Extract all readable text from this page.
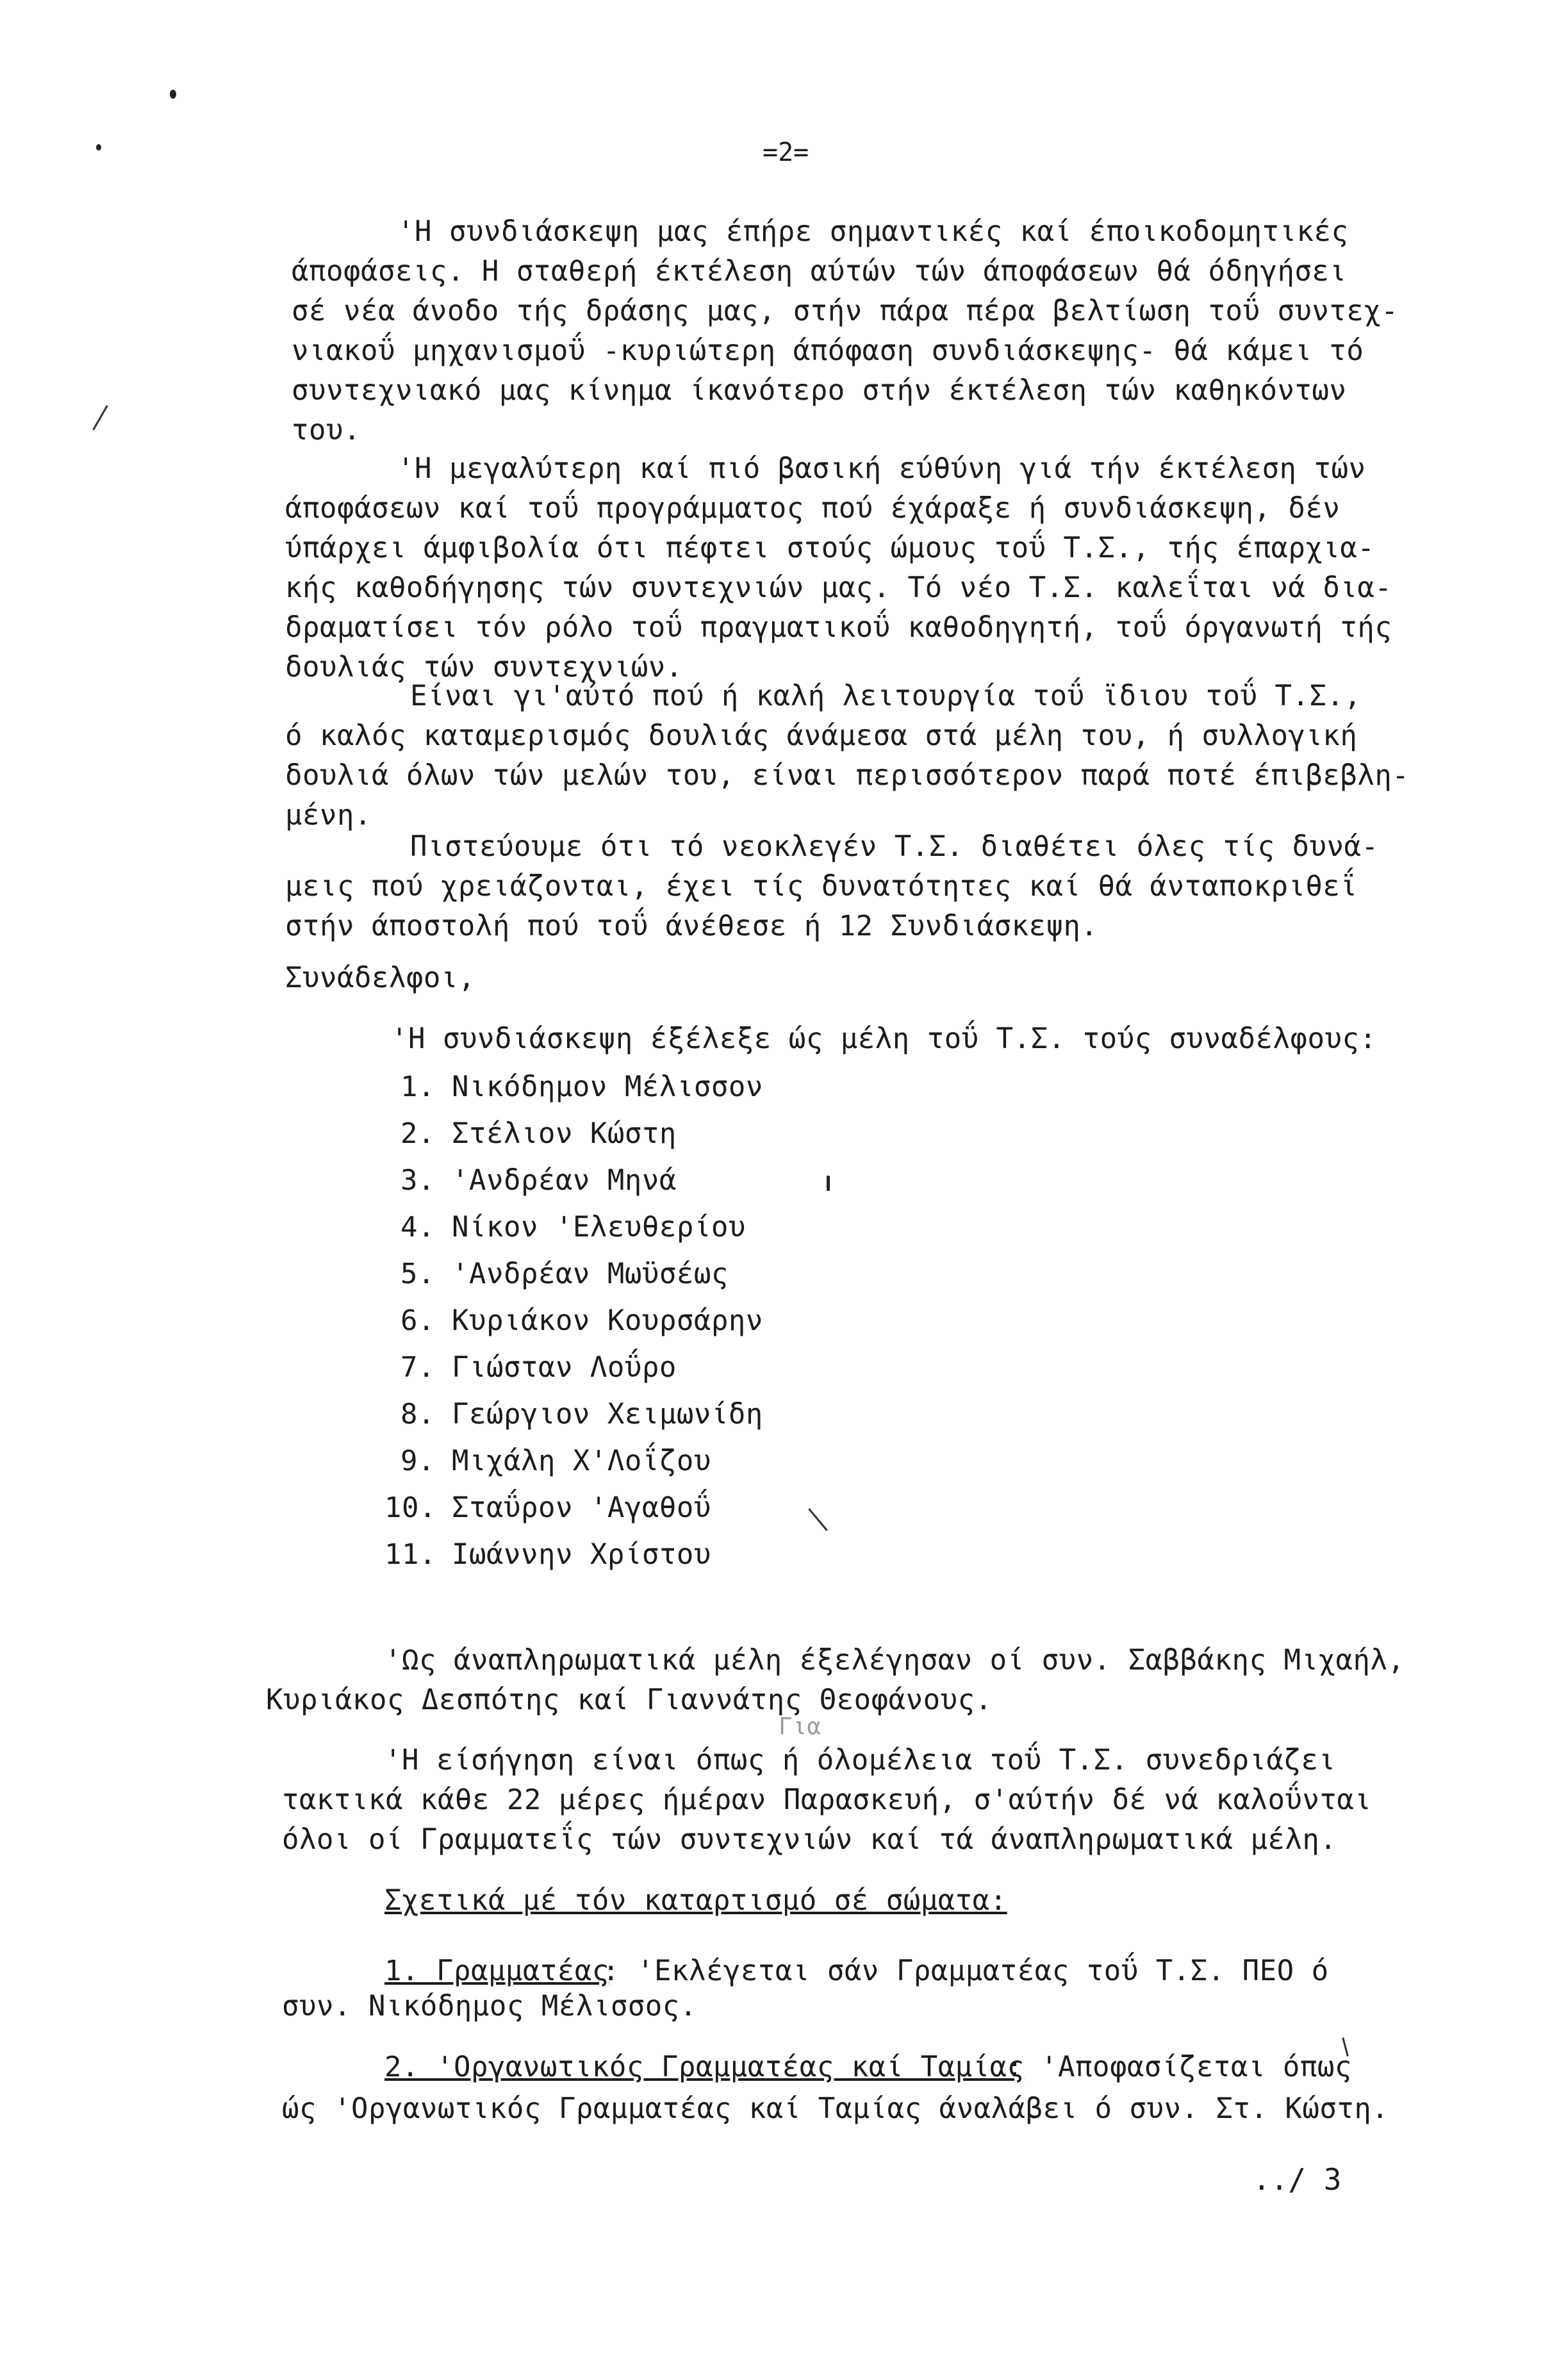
=2=
'Η συνδιάσκεψη μας έπήρε σημαντικές καί έποικοδομητικές
άποφάσεις. Η σταθερή έκτέλεση αύτών τών άποφάσεων θά όδηγήσει
σέ νέα άνοδο τής δράσης μας, στήν πάρα πέρα βελτίωση τοΰ συντεχ-
νιακοΰ μηχανισμοΰ -κυριώτερη άπόφαση συνδιάσκεψης- θά κάμει τό
συντεχνιακό μας κίνημα ίκανότερο στήν έκτέλεση τών καθηκόντων
του.
'Η μεγαλύτερη καί πιό βασική εύθύνη γιά τήν έκτέλεση τών
άποφάσεων καί τοΰ προγράμματος πού έχάραξε ή συνδιάσκεψη, δέν
ύπάρχει άμφιβολία ότι πέφτει στούς ώμους τοΰ Τ.Σ., τής έπαρχια-
κής καθοδήγησης τών συντεχνιών μας. Τό νέο Τ.Σ. καλεΐται νά δια-
δραματίσει τόν ρόλο τοΰ πραγματικοΰ καθοδηγητή, τοΰ όργανωτή τής
δουλιάς τών συντεχνιών.
Είναι γι'αύτό πού ή καλή λειτουργία τοΰ ϊδιου τοΰ Τ.Σ.,
ό καλός καταμερισμός δουλιάς άνάμεσα στά μέλη του, ή συλλογική
δουλιά όλων τών μελών του, είναι περισσότερον παρά ποτέ έπιβεβλη-
μένη.
Πιστεύουμε ότι τό νεοκλεγέν Τ.Σ. διαθέτει όλες τίς δυνά-
μεις πού χρειάζονται, έχει τίς δυνατότητες καί θά άνταποκριθεΐ
στήν άποστολή πού τοΰ άνέθεσε ή 12 Συνδιάσκεψη.
Συνάδελφοι,
'Η συνδιάσκεψη έξέλεξε ώς μέλη τοΰ Τ.Σ. τούς συναδέλφους:
1. Νικόδημον Μέλισσον
2. Στέλιον Κώστη
3. 'Ανδρέαν Μηνά
4. Νίκον 'Ελευθερίου
5. 'Ανδρέαν Μωϋσέως
6. Κυριάκον Κουρσάρην
7. Γιώσταν Λοΰρο
8. Γεώργιον Χειμωνίδη
9. Μιχάλη Χ'Λοΐζου
10. Σταΰρον 'Αγαθοΰ
11. Ιωάννην Χρίστου
'Ως άναπληρωματικά μέλη έξελέγησαν οί συν. Σαββάκης Μιχαήλ,
Κυριάκος Δεσπότης καί Γιαννάτης Θεοφάνους.
Για
'Η είσήγηση είναι όπως ή όλομέλεια τοΰ Τ.Σ. συνεδριάζει
τακτικά κάθε 22 μέρες ήμέραν Παρασκευή, σ'αύτήν δέ νά καλοΰνται
όλοι οί Γραμματεΐς τών συντεχνιών καί τά άναπληρωματικά μέλη.
Σχετικά μέ τόν καταρτισμό σέ σώματα:
1. Γραμματέας
: 'Εκλέγεται σάν Γραμματέας τοΰ Τ.Σ. ΠΕΟ ό
συν. Νικόδημος Μέλισσος.
2. 'Οργανωτικός Γραμματέας καί Ταμίας
: 'Αποφασίζεται όπως
ώς 'Οργανωτικός Γραμματέας καί Ταμίας άναλάβει ό συν. Στ. Κώστη.
../ 3
